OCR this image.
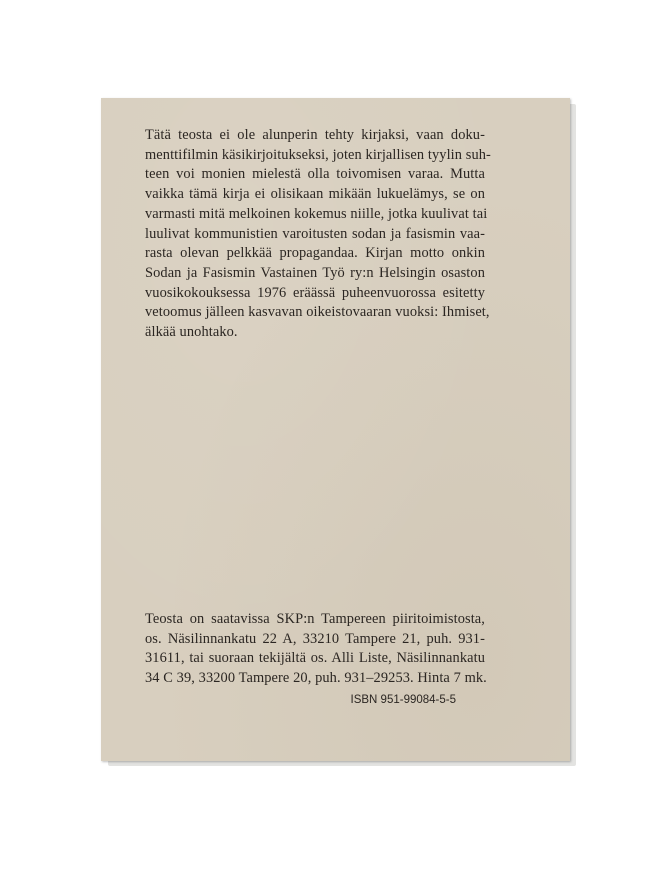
Tätä teosta ei ole alunperin tehty kirjaksi, vaan doku-
menttifilmin käsikirjoitukseksi, joten kirjallisen tyylin suh-
teen voi monien mielestä olla toivomisen varaa. Mutta
vaikka tämä kirja ei olisikaan mikään lukuelämys, se on
varmasti mitä melkoinen kokemus niille, jotka kuulivat tai
luulivat kommunistien varoitusten sodan ja fasismin vaa-
rasta olevan pelkkää propagandaa. Kirjan motto onkin
Sodan ja Fasismin Vastainen Työ ry:n Helsingin osaston
vuosikokouksessa 1976 eräässä puheenvuorossa esitetty
vetoomus jälleen kasvavan oikeistovaaran vuoksi: Ihmiset,
älkää unohtako.
Teosta on saatavissa SKP:n Tampereen piiritoimistosta,
os. Näsilinnankatu 22 A, 33210 Tampere 21, puh. 931-
31611, tai suoraan tekijältä os. Alli Liste, Näsilinnankatu
34 C 39, 33200 Tampere 20, puh. 931–29253. Hinta 7 mk.
ISBN 951-99084-5-5
